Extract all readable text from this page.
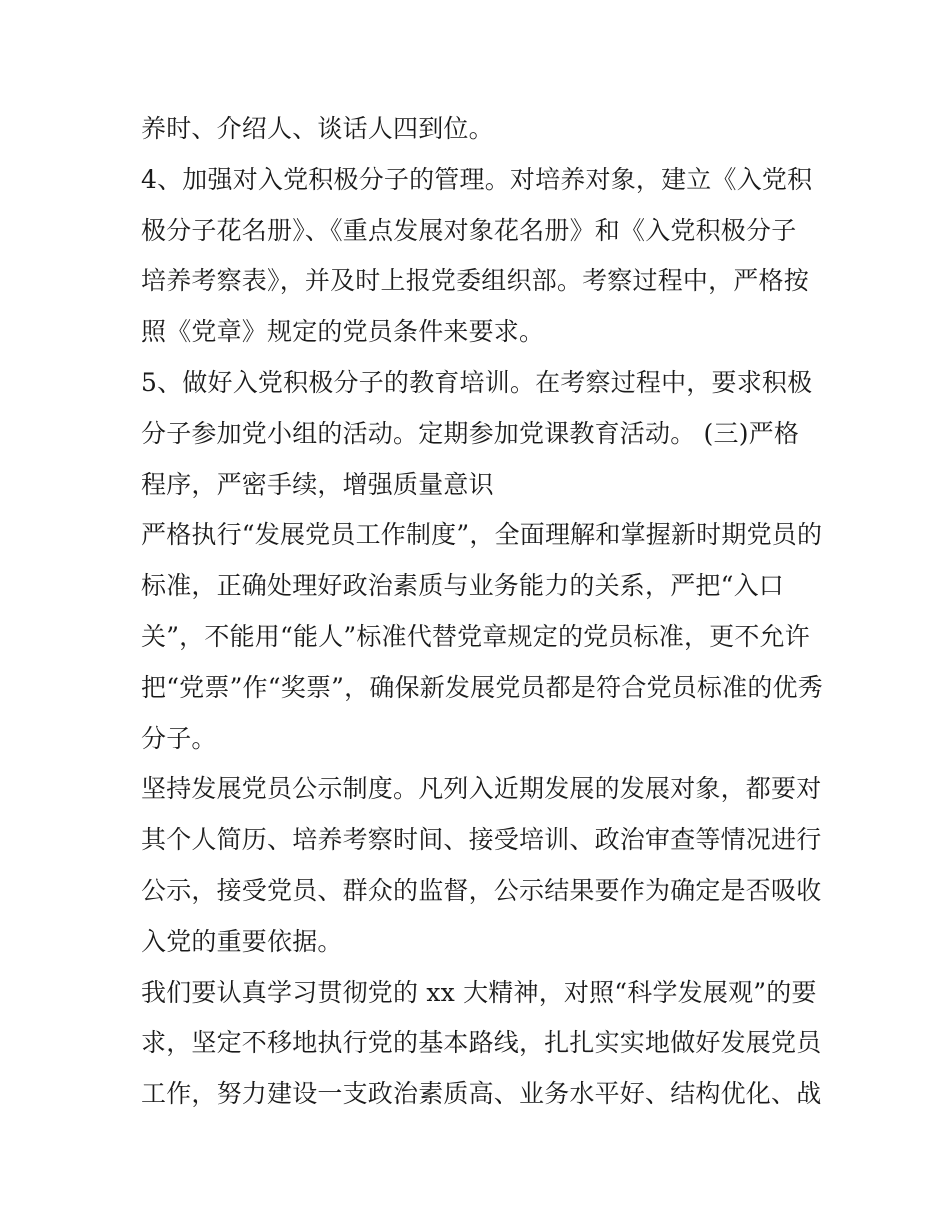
养时、介绍人、谈话人四到位。
4、加强对入党积极分子的管理。对培养对象，建立《入党积
极分子花名册》、《重点发展对象花名册》和《入党积极分子
培养考察表》，并及时上报党委组织部。考察过程中，严格按
照《党章》规定的党员条件来要求。
5、做好入党积极分子的教育培训。在考察过程中，要求积极
分子参加党小组的活动。定期参加党课教育活动。 (三)严格
程序，严密手续，增强质量意识
严格执行“发展党员工作制度”，全面理解和掌握新时期党员的
标准，正确处理好政治素质与业务能力的关系，严把“入口
关”，不能用“能人”标准代替党章规定的党员标准，更不允许
把“党票”作“奖票”，确保新发展党员都是符合党员标准的优秀
分子。
坚持发展党员公示制度。凡列入近期发展的发展对象，都要对
其个人简历、培养考察时间、接受培训、政治审查等情况进行
公示，接受党员、群众的监督，公示结果要作为确定是否吸收
入党的重要依据。
我们要认真学习贯彻党的 xx 大精神，对照“科学发展观”的要
求，坚定不移地执行党的基本路线，扎扎实实地做好发展党员
工作，努力建设一支政治素质高、业务水平好、结构优化、战
